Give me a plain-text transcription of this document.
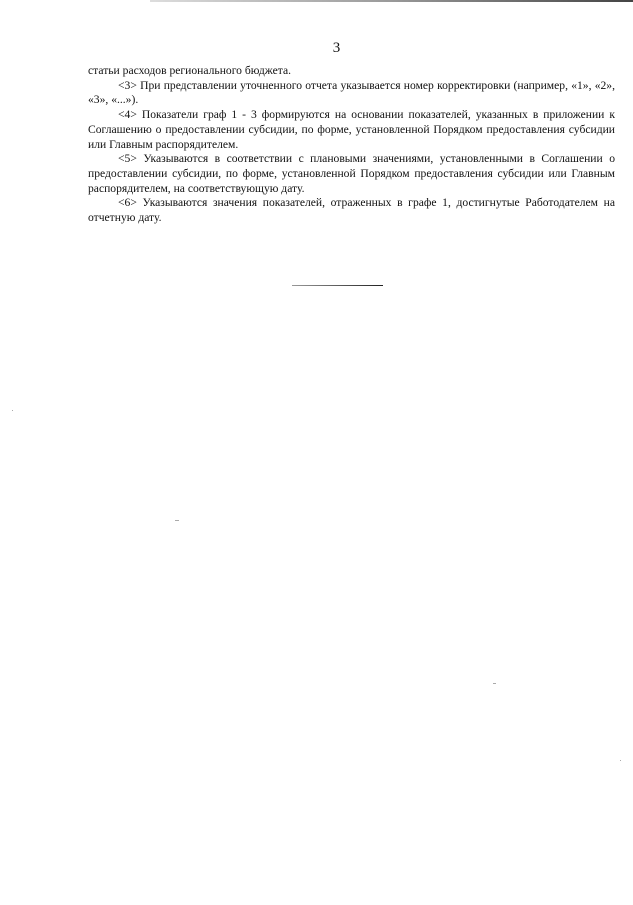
3

статьи расходов регионального бюджета.

<3> При представлении уточненного отчета указывается номер корректировки (например, «1», «2», «3», «...»).

<4> Показатели граф 1 - 3 формируются на основании показателей, указанных в приложении к Соглашению о предоставлении субсидии, по форме, установленной Порядком предоставления субсидии или Главным распорядителем.

<5> Указываются в соответствии с плановыми значениями, установленными в Соглашении о предоставлении субсидии, по форме, установленной Порядком предоставления субсидии или Главным распорядителем, на соответствующую дату.

<6> Указываются значения показателей, отраженных в графе 1, достигнутые Работодателем на отчетную дату.
